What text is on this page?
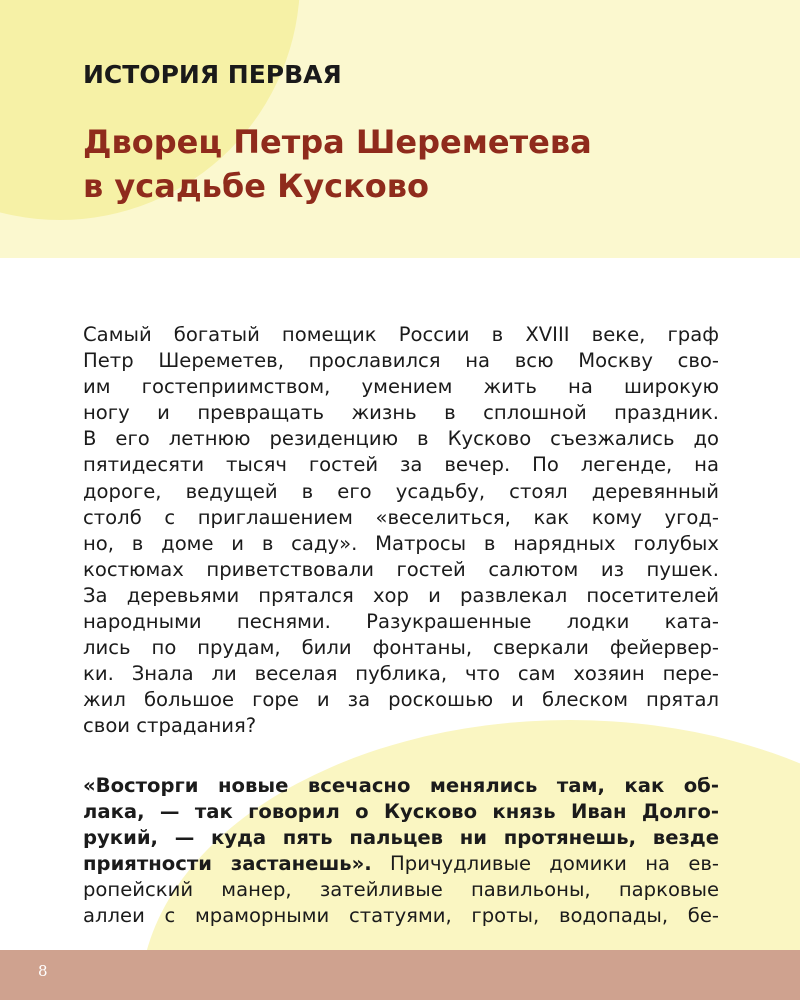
ИСТОРИЯ ПЕРВАЯ
Дворец Петра Шереметева
в усадьбе Кусково
Самый богатый помещик России в XVIII веке, граф
Петр Шереметев, прославился на всю Москву сво-
им гостеприимством, умением жить на широкую
ногу и превращать жизнь в сплошной праздник.
В его летнюю резиденцию в Кусково съезжались до
пятидесяти тысяч гостей за вечер. По легенде, на
дороге, ведущей в его усадьбу, стоял деревянный
столб с приглашением «веселиться, как кому угод-
но, в доме и в саду». Матросы в нарядных голубых
костюмах приветствовали гостей салютом из пушек.
За деревьями прятался хор и развлекал посетителей
народными песнями. Разукрашенные лодки ката-
лись по прудам, били фонтаны, сверкали фейервер-
ки. Знала ли веселая публика, что сам хозяин пере-
жил большое горе и за роскошью и блеском прятал
свои страдания?
«Восторги новые всечасно менялись там, как об-
лака, — так говорил о Кусково князь Иван Долго-
рукий, — куда пять пальцев ни протянешь, везде
приятности застанешь». Причудливые домики на ев-
ропейский манер, затейливые павильоны, парковые
аллеи с мраморными статуями, гроты, водопады, бе-
8
